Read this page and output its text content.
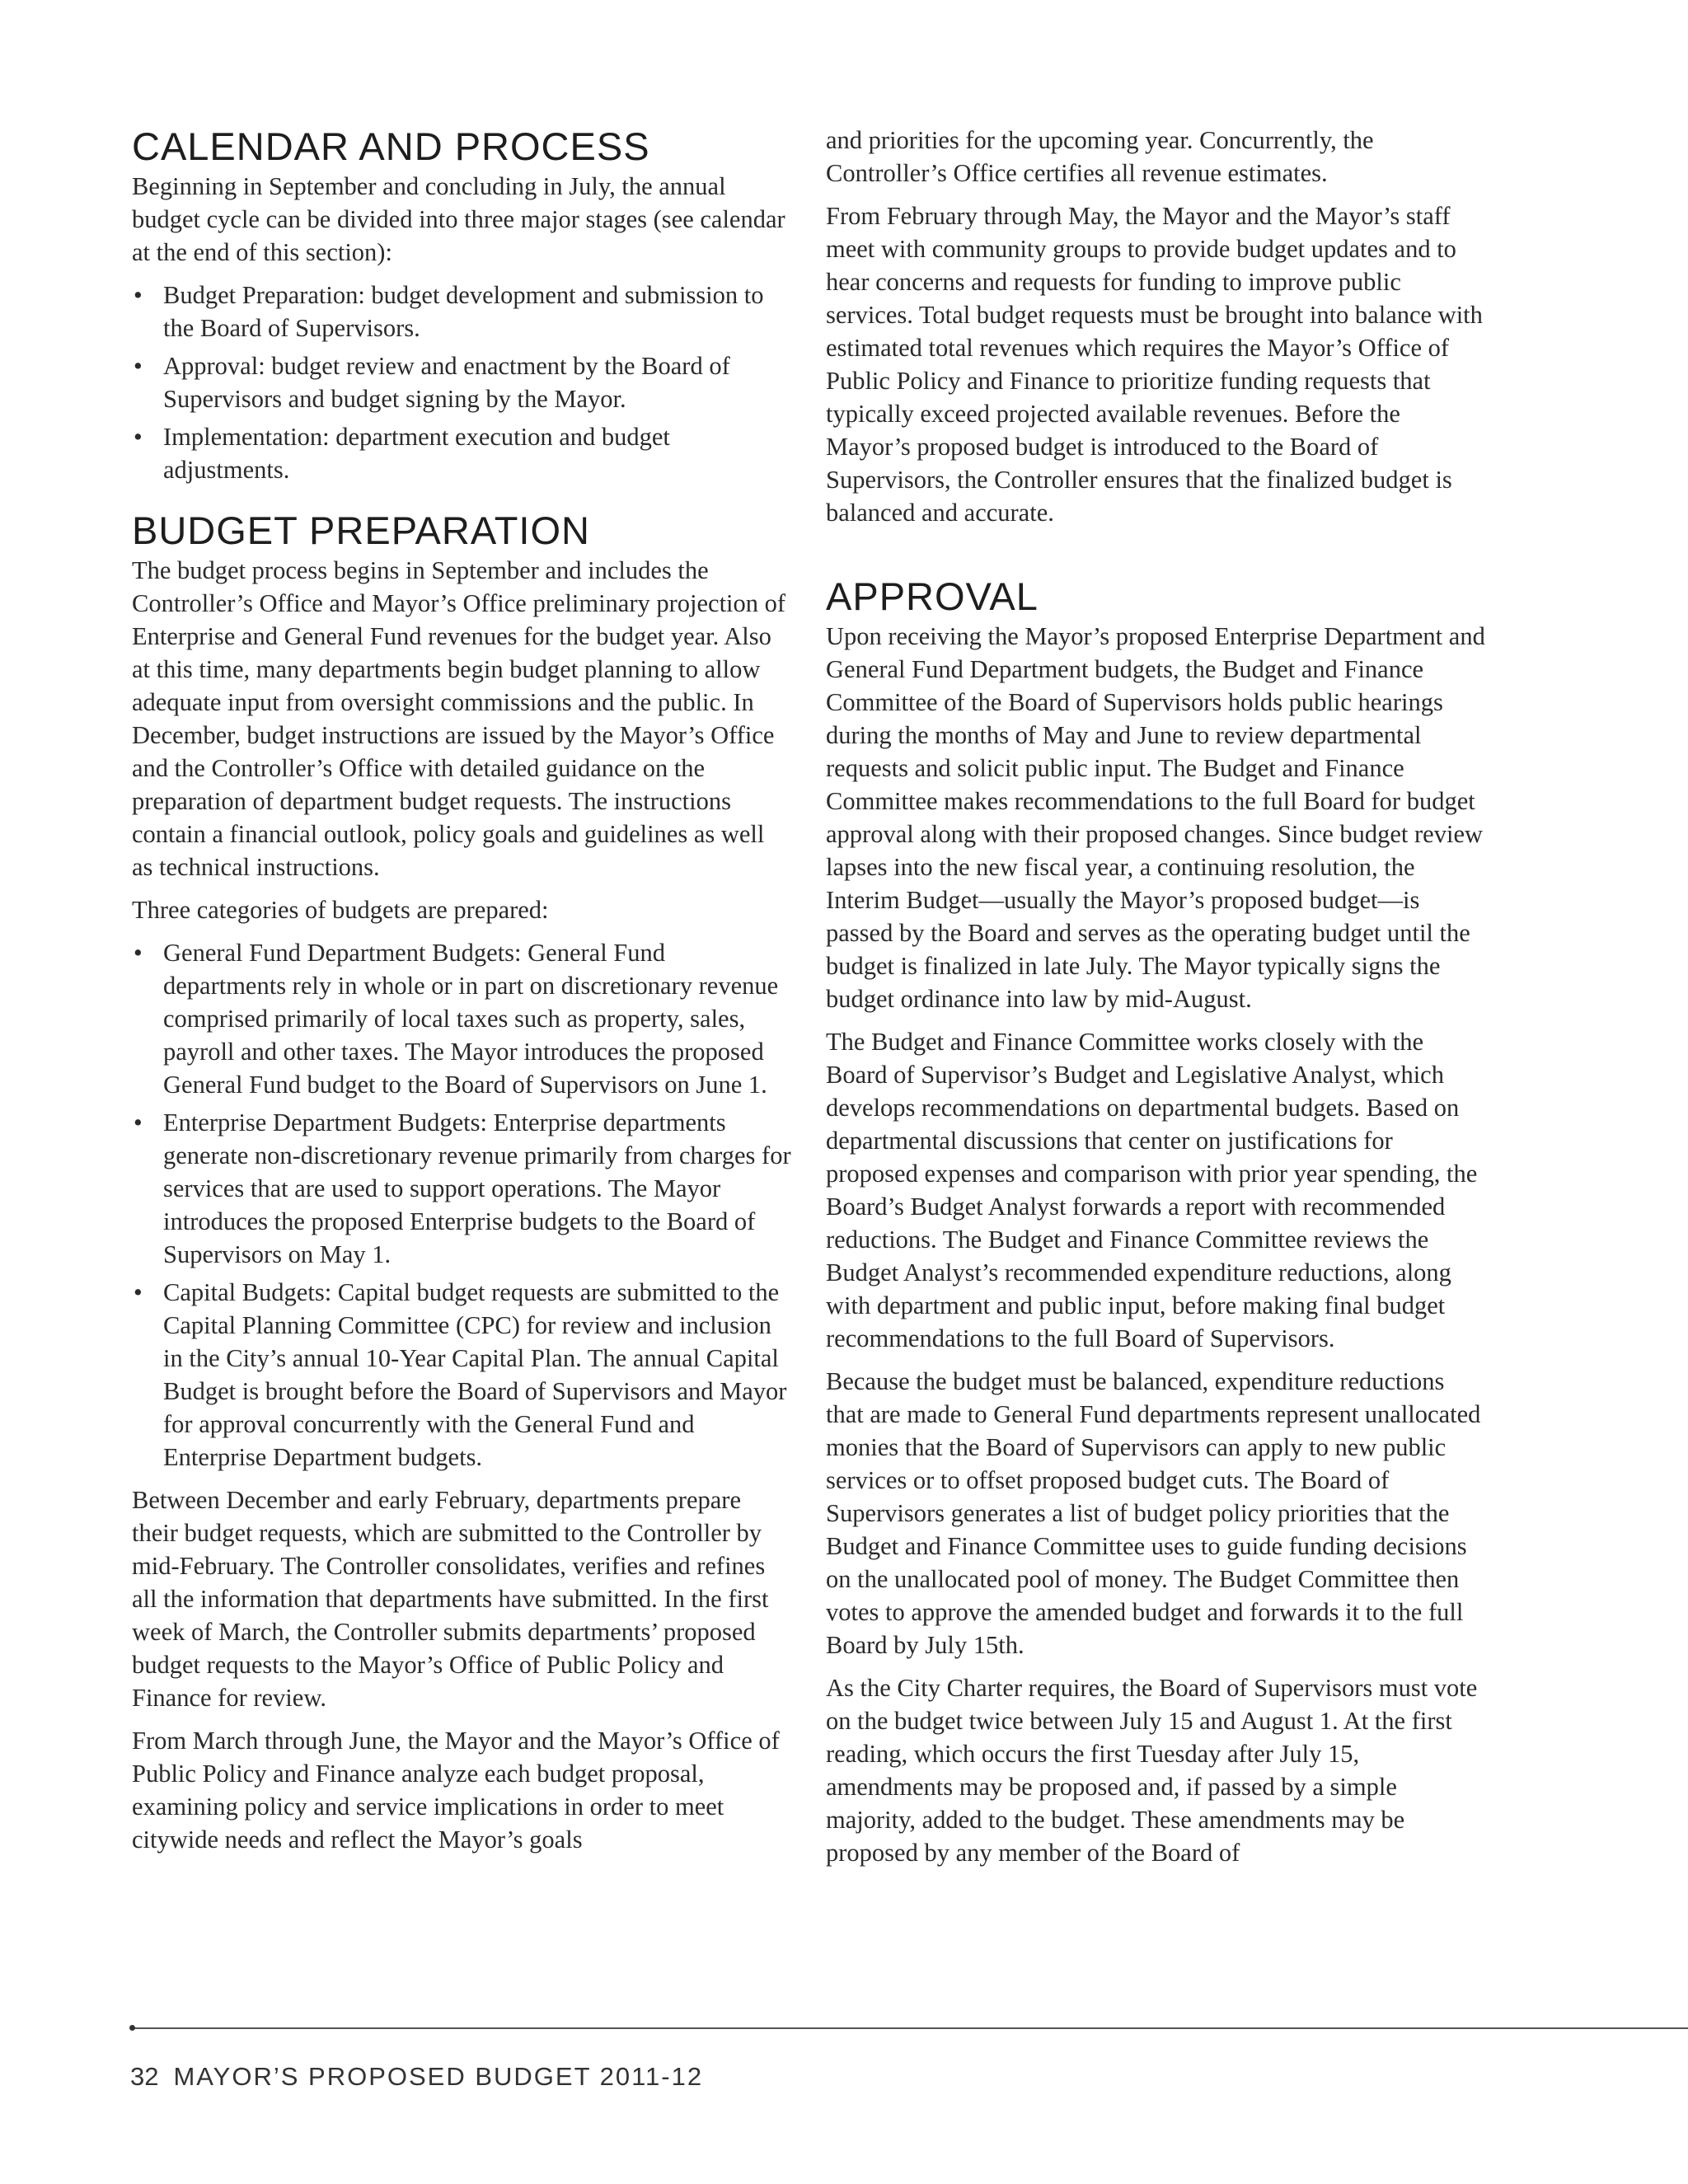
CALENDAR AND PROCESS

Beginning in September and concluding in July, the annual budget cycle can be divided into three major stages (see calendar at the end of this section):

• Budget Preparation: budget development and submission to the Board of Supervisors.
• Approval: budget review and enactment by the Board of Supervisors and budget signing by the Mayor.
• Implementation: department execution and budget adjustments.
BUDGET PREPARATION

The budget process begins in September and includes the Controller’s Office and Mayor’s Office preliminary projection of Enterprise and General Fund revenues for the budget year. Also at this time, many departments begin budget planning to allow adequate input from oversight commissions and the public. In December, budget instructions are issued by the Mayor’s Office and the Controller’s Office with detailed guidance on the preparation of department budget requests. The instructions contain a financial outlook, policy goals and guidelines as well as technical instructions.

Three categories of budgets are prepared:

• General Fund Department Budgets: General Fund departments rely in whole or in part on discretionary revenue comprised primarily of local taxes such as property, sales, payroll and other taxes. The Mayor introduces the proposed General Fund budget to the Board of Supervisors on June 1.
• Enterprise Department Budgets: Enterprise departments generate non-discretionary revenue primarily from charges for services that are used to support operations. The Mayor introduces the proposed Enterprise budgets to the Board of Supervisors on May 1.
• Capital Budgets: Capital budget requests are submitted to the Capital Planning Committee (CPC) for review and inclusion in the City’s annual 10-Year Capital Plan. The annual Capital Budget is brought before the Board of Supervisors and Mayor for approval concurrently with the General Fund and Enterprise Department budgets.

Between December and early February, departments prepare their budget requests, which are submitted to the Controller by mid-February. The Controller consolidates, verifies and refines all the information that departments have submitted. In the first week of March, the Controller submits departments’ proposed budget requests to the Mayor’s Office of Public Policy and Finance for review.

From March through June, the Mayor and the Mayor’s Office of Public Policy and Finance analyze each budget proposal, examining policy and service implications in order to meet citywide needs and reflect the Mayor’s goals

and priorities for the upcoming year. Concurrently, the Controller’s Office certifies all revenue estimates.

From February through May, the Mayor and the Mayor’s staff meet with community groups to provide budget updates and to hear concerns and requests for funding to improve public services. Total budget requests must be brought into balance with estimated total revenues which requires the Mayor’s Office of Public Policy and Finance to prioritize funding requests that typically exceed projected available revenues. Before the Mayor’s proposed budget is introduced to the Board of Supervisors, the Controller ensures that the finalized budget is balanced and accurate.

APPROVAL

Upon receiving the Mayor’s proposed Enterprise Department and General Fund Department budgets, the Budget and Finance Committee of the Board of Supervisors holds public hearings during the months of May and June to review departmental requests and solicit public input. The Budget and Finance Committee makes recommendations to the full Board for budget approval along with their proposed changes. Since budget review lapses into the new fiscal year, a continuing resolution, the Interim Budget—usually the Mayor’s proposed budget—is passed by the Board and serves as the operating budget until the budget is finalized in late July. The Mayor typically signs the budget ordinance into law by mid-August.

The Budget and Finance Committee works closely with the Board of Supervisor’s Budget and Legislative Analyst, which develops recommendations on departmental budgets. Based on departmental discussions that center on justifications for proposed expenses and comparison with prior year spending, the Board’s Budget Analyst forwards a report with recommended reductions. The Budget and Finance Committee reviews the Budget Analyst’s recommended expenditure reductions, along with department and public input, before making final budget recommendations to the full Board of Supervisors.

Because the budget must be balanced, expenditure reductions that are made to General Fund departments represent unallocated monies that the Board of Supervisors can apply to new public services or to offset proposed budget cuts. The Board of Supervisors generates a list of budget policy priorities that the Budget and Finance Committee uses to guide funding decisions on the unallocated pool of money. The Budget Committee then votes to approve the amended budget and forwards it to the full Board by July 15th.

As the City Charter requires, the Board of Supervisors must vote on the budget twice between July 15 and August 1. At the first reading, which occurs the first Tuesday after July 15, amendments may be proposed and, if passed by a simple majority, added to the budget. These amendments may be proposed by any member of the Board of

32 MAYOR’S PROPOSED BUDGET 2011-12
